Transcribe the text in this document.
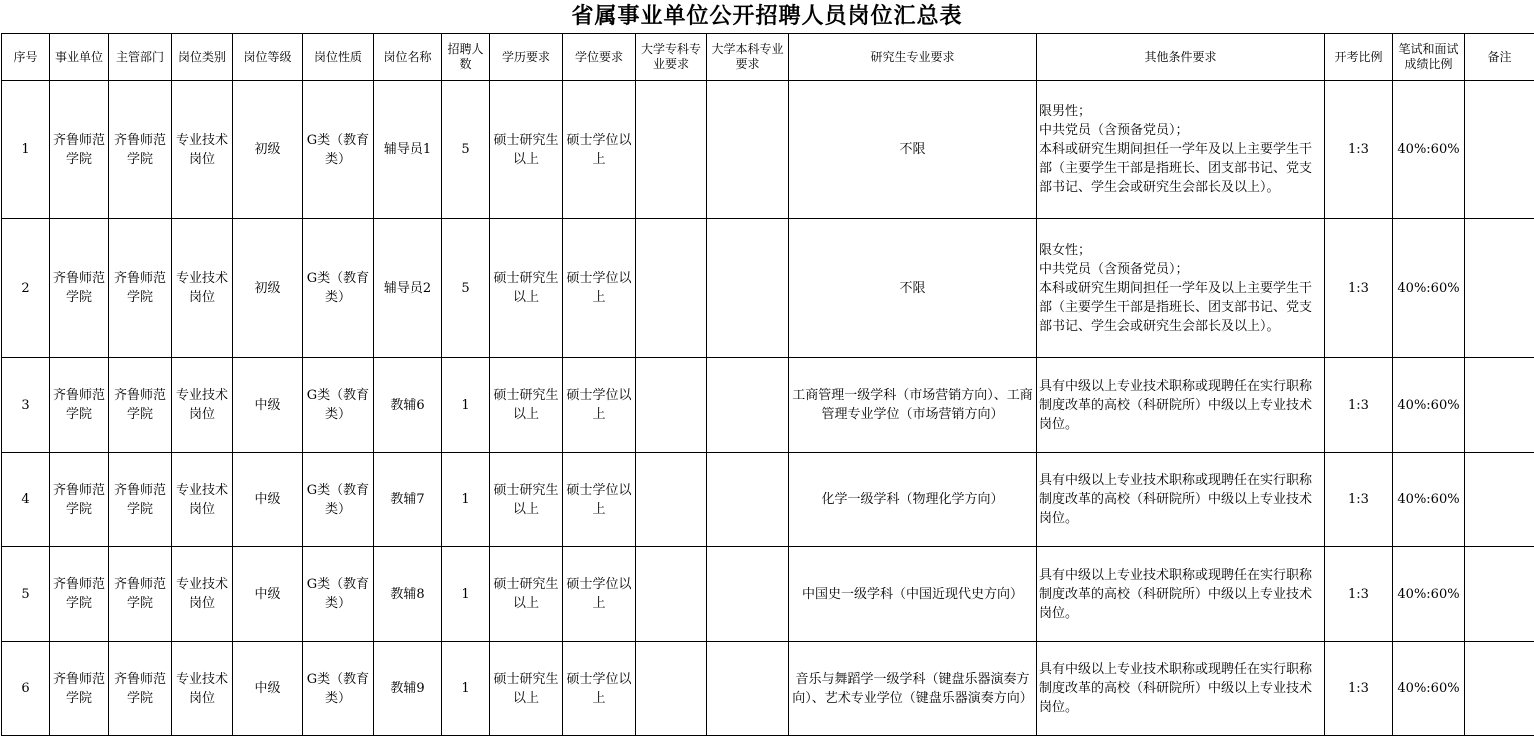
省属事业单位公开招聘人员岗位汇总表
序号	事业单位	主管部门	岗位类别	岗位等级	岗位性质	岗位名称	招聘人数	学历要求	学位要求	大学专科专业要求	大学本科专业要求	研究生专业要求	其他条件要求	开考比例	笔试和面试成绩比例	备注
1	齐鲁师范学院	齐鲁师范学院	专业技术岗位	初级	G类（教育类）	辅导员1	5	硕士研究生以上	硕士学位以上			不限	限男性；
中共党员（含预备党员）；
本科或研究生期间担任一学年及以上主要学生干部（主要学生干部是指班长、团支部书记、党支部书记、学生会或研究生会部长及以上）。	1:3	40%:60%	
2	齐鲁师范学院	齐鲁师范学院	专业技术岗位	初级	G类（教育类）	辅导员2	5	硕士研究生以上	硕士学位以上			不限	限女性；
中共党员（含预备党员）；
本科或研究生期间担任一学年及以上主要学生干部（主要学生干部是指班长、团支部书记、党支部书记、学生会或研究生会部长及以上）。	1:3	40%:60%	
3	齐鲁师范学院	齐鲁师范学院	专业技术岗位	中级	G类（教育类）	教辅6	1	硕士研究生以上	硕士学位以上			工商管理一级学科（市场营销方向）、工商管理专业学位（市场营销方向）	具有中级以上专业技术职称或现聘任在实行职称制度改革的高校（科研院所）中级以上专业技术岗位。	1:3	40%:60%	
4	齐鲁师范学院	齐鲁师范学院	专业技术岗位	中级	G类（教育类）	教辅7	1	硕士研究生以上	硕士学位以上			化学一级学科（物理化学方向）	具有中级以上专业技术职称或现聘任在实行职称制度改革的高校（科研院所）中级以上专业技术岗位。	1:3	40%:60%	
5	齐鲁师范学院	齐鲁师范学院	专业技术岗位	中级	G类（教育类）	教辅8	1	硕士研究生以上	硕士学位以上			中国史一级学科（中国近现代史方向）	具有中级以上专业技术职称或现聘任在实行职称制度改革的高校（科研院所）中级以上专业技术岗位。	1:3	40%:60%	
6	齐鲁师范学院	齐鲁师范学院	专业技术岗位	中级	G类（教育类）	教辅9	1	硕士研究生以上	硕士学位以上			音乐与舞蹈学一级学科（键盘乐器演奏方向）、艺术专业学位（键盘乐器演奏方向）	具有中级以上专业技术职称或现聘任在实行职称制度改革的高校（科研院所）中级以上专业技术岗位。	1:3	40%:60%	
